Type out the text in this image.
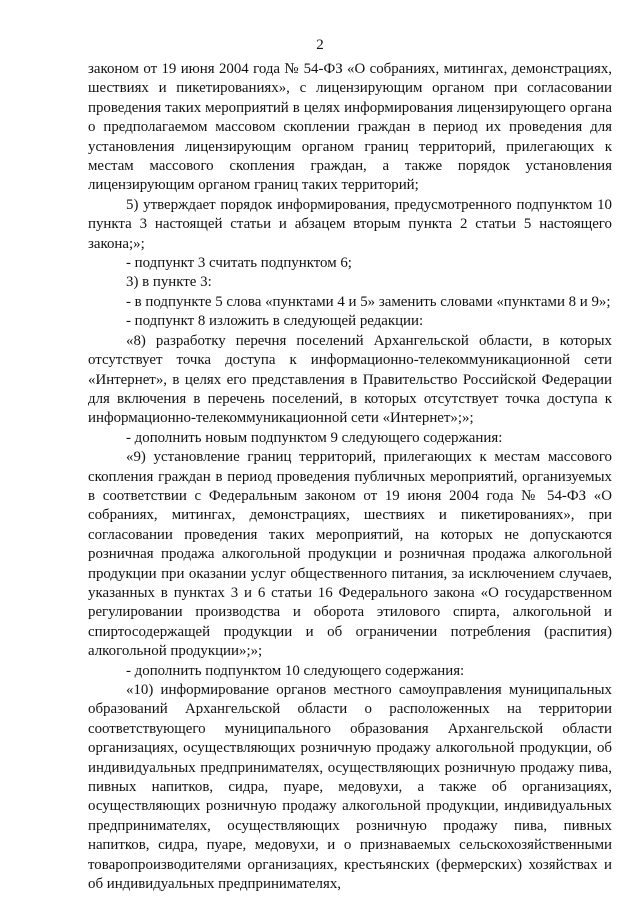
2

законом от 19 июня 2004 года № 54-ФЗ «О собраниях, митингах, демонстрациях, шествиях и пикетированиях», с лицензирующим органом при согласовании проведения таких мероприятий в целях информирования лицензирующего органа о предполагаемом массовом скоплении граждан в период их проведения для установления лицензирующим органом границ территорий, прилегающих к местам массового скопления граждан, а также порядок установления лицензирующим органом границ таких территорий;

5) утверждает порядок информирования, предусмотренного подпунктом 10 пункта 3 настоящей статьи и абзацем вторым пункта 2 статьи 5 настоящего закона;»;

- подпункт 3 считать подпунктом 6;

3) в пункте 3:

- в подпункте 5 слова «пунктами 4 и 5» заменить словами «пунктами 8 и 9»;

- подпункт 8 изложить в следующей редакции:

«8) разработку перечня поселений Архангельской области, в которых отсутствует точка доступа к информационно-телекоммуникационной сети «Интернет», в целях его представления в Правительство Российской Федерации для включения в перечень поселений, в которых отсутствует точка доступа к информационно-телекоммуникационной сети «Интернет»;»;

- дополнить новым подпунктом 9 следующего содержания:

«9) установление границ территорий, прилегающих к местам массового скопления граждан в период проведения публичных мероприятий, организуемых в соответствии с Федеральным законом от 19 июня 2004 года № 54-ФЗ «О собраниях, митингах, демонстрациях, шествиях и пикетированиях», при согласовании проведения таких мероприятий, на которых не допускаются розничная продажа алкогольной продукции и розничная продажа алкогольной продукции при оказании услуг общественного питания, за исключением случаев, указанных в пунктах 3 и 6 статьи 16 Федерального закона «О государственном регулировании производства и оборота этилового спирта, алкогольной и спиртосодержащей продукции и об ограничении потребления (распития) алкогольной продукции»;»;

- дополнить подпунктом 10 следующего содержания:

«10) информирование органов местного самоуправления муниципальных образований Архангельской области о расположенных на территории соответствующего муниципального образования Архангельской области организациях, осуществляющих розничную продажу алкогольной продукции, об индивидуальных предпринимателях, осуществляющих розничную продажу пива, пивных напитков, сидра, пуаре, медовухи, а также об организациях, осуществляющих розничную продажу алкогольной продукции, индивидуальных предпринимателях, осуществляющих розничную продажу пива, пивных напитков, сидра, пуаре, медовухи, и о признаваемых сельскохозяйственными товаропроизводителями организациях, крестьянских (фермерских) хозяйствах и об индивидуальных предпринимателях,
